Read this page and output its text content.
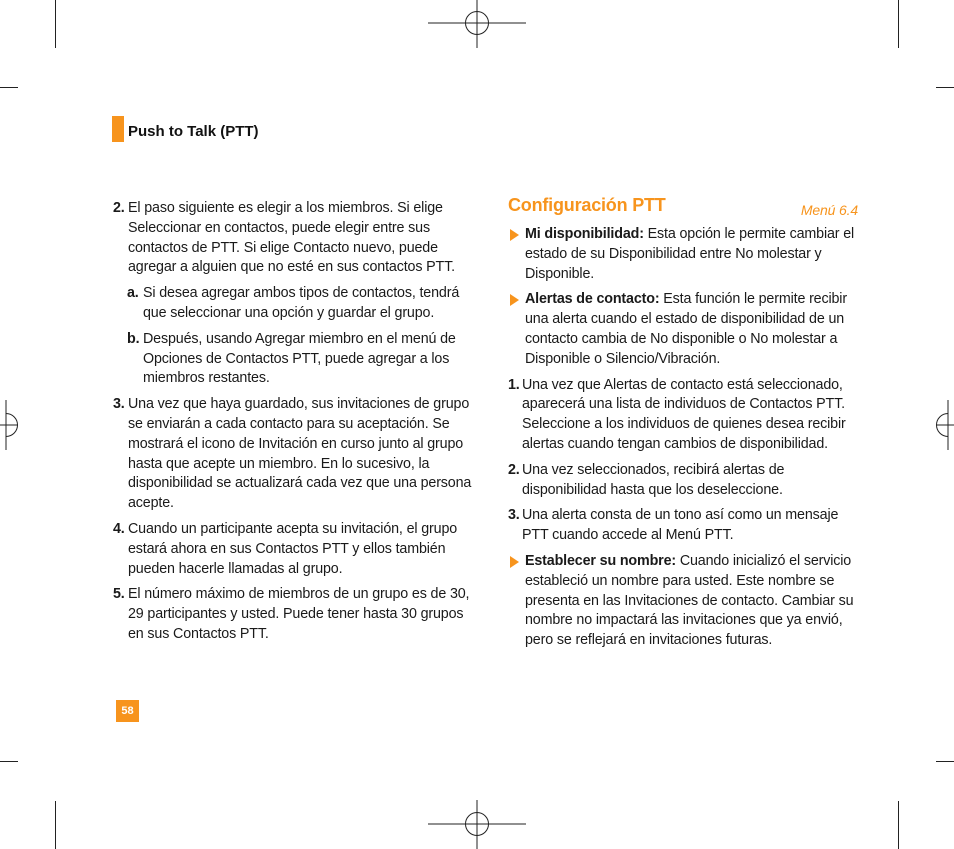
Push to Talk (PTT)
2. El paso siguiente es elegir a los miembros. Si elige Seleccionar en contactos, puede elegir entre sus contactos de PTT. Si elige Contacto nuevo, puede agregar a alguien que no esté en sus contactos PTT.
a. Si desea agregar ambos tipos de contactos, tendrá que seleccionar una opción y guardar el grupo.
b. Después, usando Agregar miembro en el menú de Opciones de Contactos PTT, puede agregar a los miembros restantes.
3. Una vez que haya guardado, sus invitaciones de grupo se enviarán a cada contacto para su aceptación. Se mostrará el icono de Invitación en curso junto al grupo hasta que acepte un miembro. En lo sucesivo, la disponibilidad se actualizará cada vez que una persona acepte.
4. Cuando un participante acepta su invitación, el grupo estará ahora en sus Contactos PTT y ellos también pueden hacerle llamadas al grupo.
5. El número máximo de miembros de un grupo es de 30, 29 participantes y usted. Puede tener hasta 30 grupos en sus Contactos PTT.
Configuración PTT	Menú 6.4
Mi disponibilidad: Esta opción le permite cambiar el estado de su Disponibilidad entre No molestar y Disponible.
Alertas de contacto: Esta función le permite recibir una alerta cuando el estado de disponibilidad de un contacto cambia de No disponible o No molestar a Disponible o Silencio/Vibración.
1. Una vez que Alertas de contacto está seleccionado, aparecerá una lista de individuos de Contactos PTT. Seleccione a los individuos de quienes desea recibir alertas cuando tengan cambios de disponibilidad.
2. Una vez seleccionados, recibirá alertas de disponibilidad hasta que los deseleccione.
3. Una alerta consta de un tono así como un mensaje PTT cuando accede al Menú PTT.
Establecer su nombre: Cuando inicializó el servicio estableció un nombre para usted. Este nombre se presenta en las Invitaciones de contacto. Cambiar su nombre no impactará las invitaciones que ya envió, pero se reflejará en invitaciones futuras.
58
